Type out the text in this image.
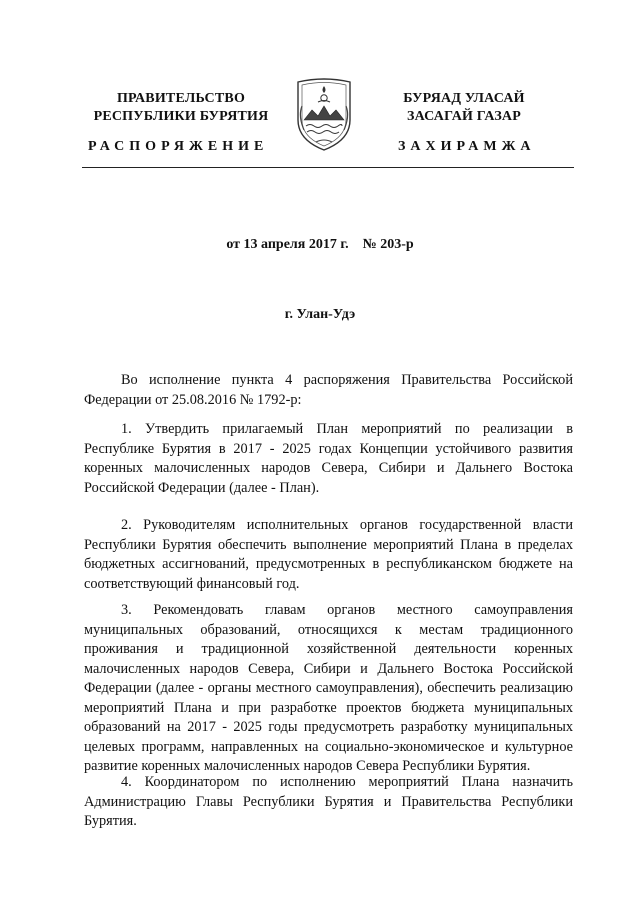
ПРАВИТЕЛЬСТВО
РЕСПУБЛИКИ БУРЯТИЯ
БУРЯАД УЛАСАЙ
ЗАСАГАЙ ГАЗАР
РАСПОРЯЖЕНИЕ	ЗАХИРАМЖА
от 13 апреля 2017 г.    № 203-р
г. Улан-Удэ
Во исполнение пункта 4 распоряжения Правительства Российской Федерации от 25.08.2016 № 1792-р:
1. Утвердить прилагаемый План мероприятий по реализации в Республике Бурятия в 2017 - 2025 годах Концепции устойчивого развития коренных малочисленных народов Севера, Сибири и Дальнего Востока Российской Федерации (далее - План).
2. Руководителям исполнительных органов государственной власти Республики Бурятия обеспечить выполнение мероприятий Плана в пределах бюджетных ассигнований, предусмотренных в республиканском бюджете на соответствующий финансовый год.
3. Рекомендовать главам органов местного самоуправления муниципальных образований, относящихся к местам традиционного проживания и традиционной хозяйственной деятельности коренных малочисленных народов Севера, Сибири и Дальнего Востока Российской Федерации (далее - органы местного самоуправления), обеспечить реализацию мероприятий Плана и при разработке проектов бюджета муниципальных образований на 2017 - 2025 годы предусмотреть разработку муниципальных целевых программ, направленных на социально-экономическое и культурное развитие коренных малочисленных народов Севера Республики Бурятия.
4. Координатором по исполнению мероприятий Плана назначить Администрацию Главы Республики Бурятия и Правительства Республики Бурятия.
